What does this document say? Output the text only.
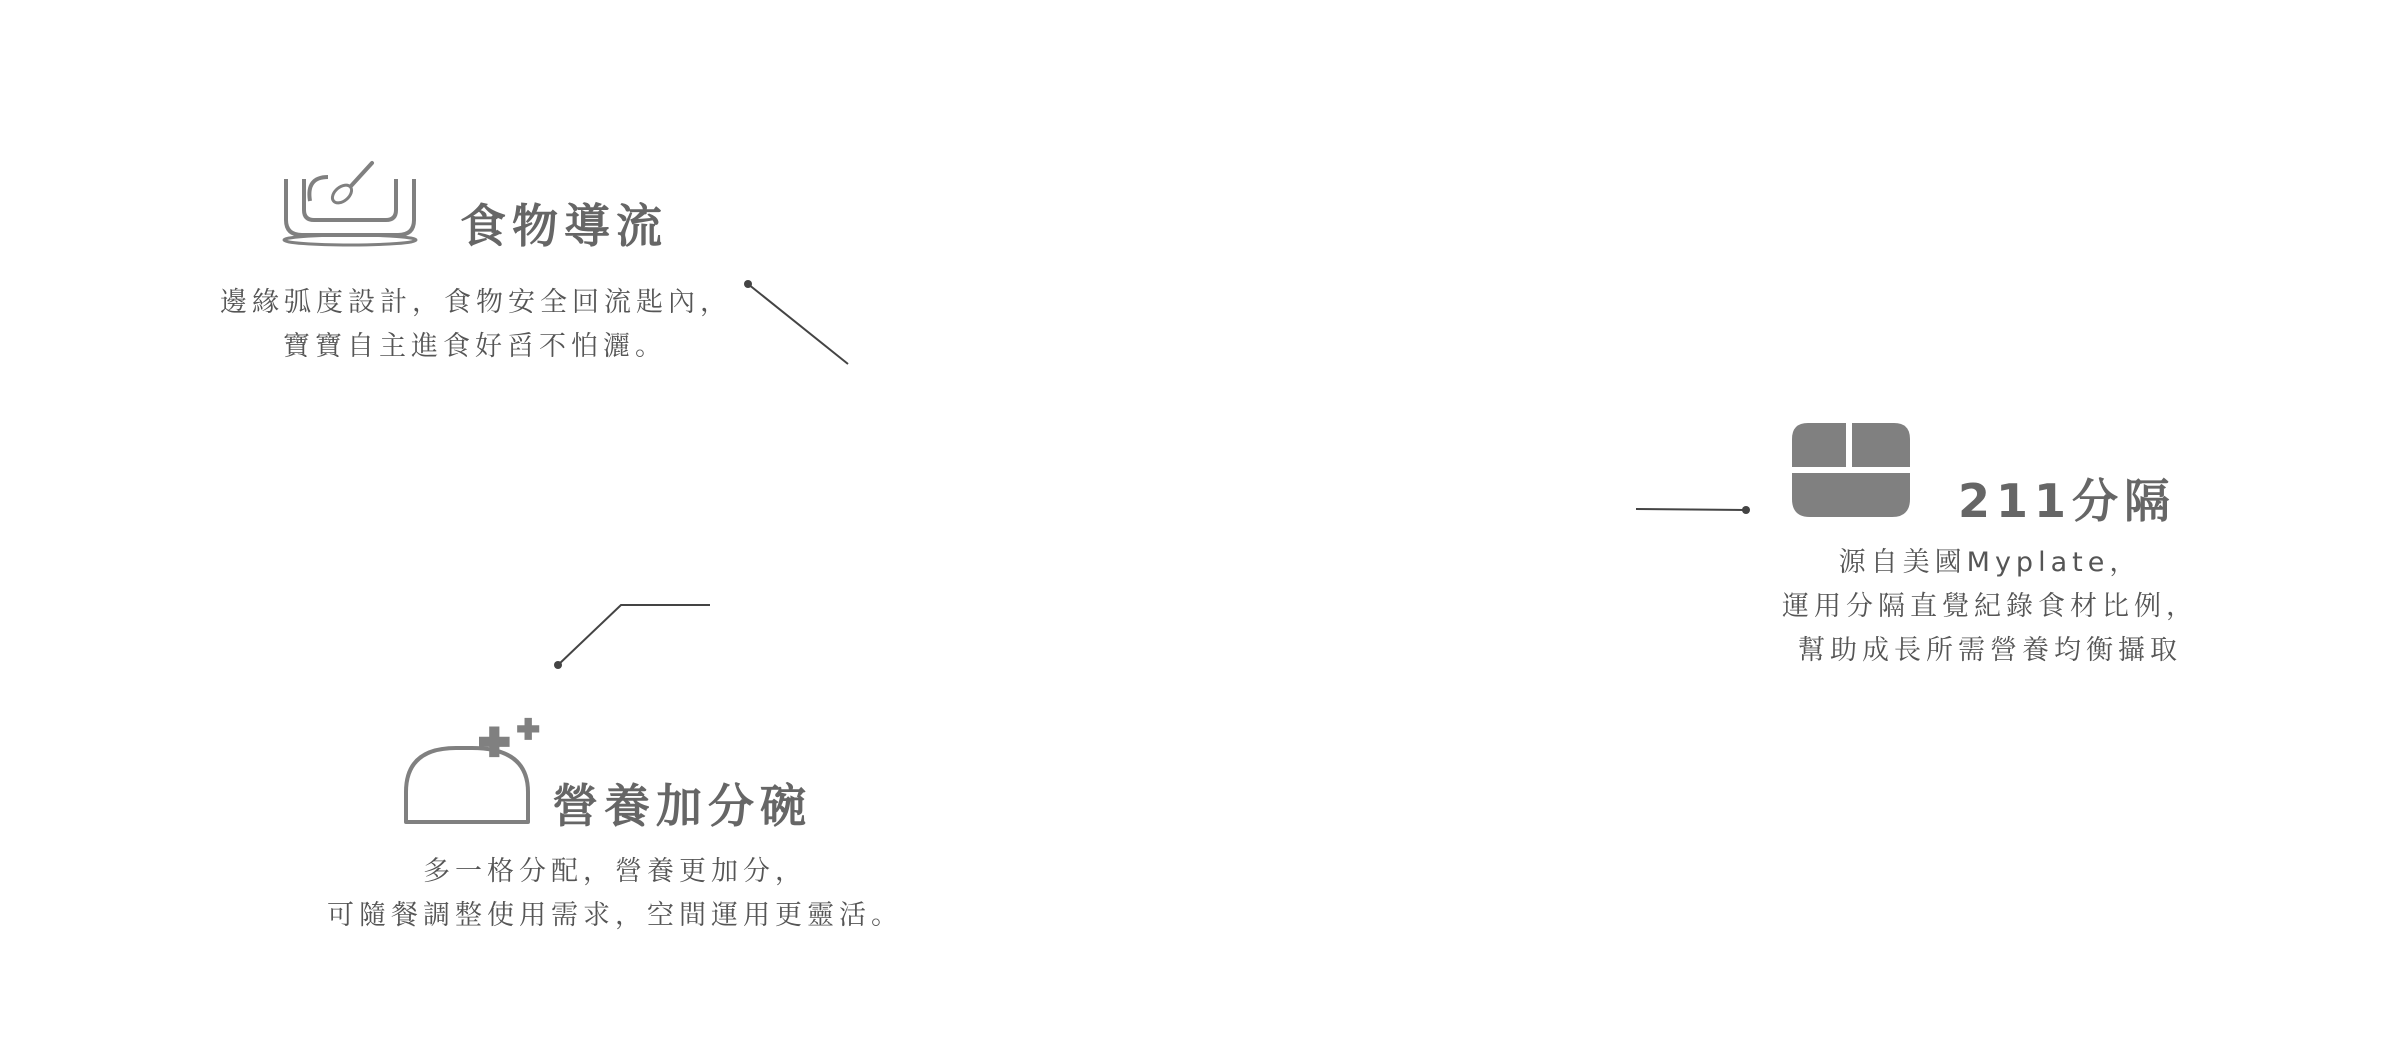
食物導流
邊緣弧度設計，食物安全回流匙內，
寶寶自主進食好舀不怕灑。
211分隔
源自美國Myplate，
運用分隔直覺紀錄食材比例，
幫助成長所需營養均衡攝取
營養加分碗
多一格分配，營養更加分，
可隨餐調整使用需求，空間運用更靈活。
